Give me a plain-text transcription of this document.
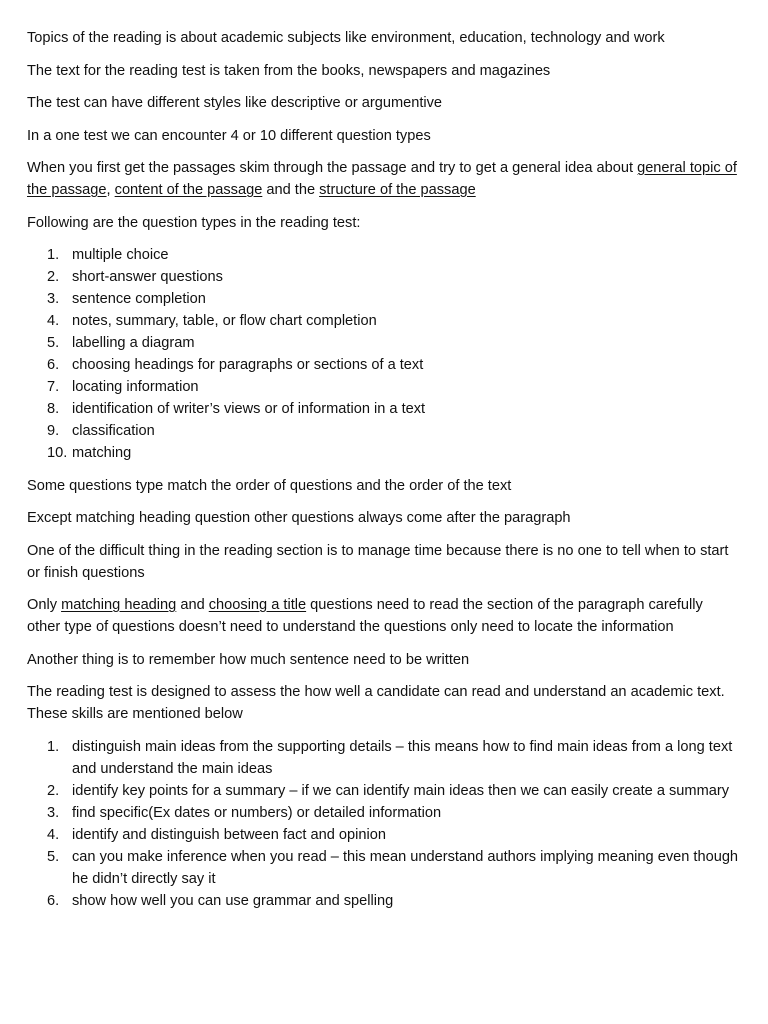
Topics of the reading is about academic subjects like environment, education, technology and work

The text for the reading test is taken from the books, newspapers and magazines

The test can have different styles like descriptive or argumentive

In a one test we can encounter 4 or 10 different question types

When you first get the passages skim through the passage and try to get a general idea about general topic of the passage, content of the passage and the structure of the passage

Following are the question types in the reading test:

1. multiple choice
2. short-answer questions
3. sentence completion
4. notes, summary, table, or flow chart completion
5. labelling a diagram
6. choosing headings for paragraphs or sections of a text
7. locating information
8. identification of writer’s views or of information in a text
9. classification
10. matching

Some questions type match the order of questions and the order of the text

Except matching heading question other questions always come after the paragraph

One of the difficult thing in the reading section is to manage time because there is no one to tell when to start or finish questions

Only matching heading and choosing a title questions need to read the section of the paragraph carefully other type of questions doesn’t need to understand the questions only need to locate the information

Another thing is to remember how much sentence need to be written

The reading test is designed to assess the how well a candidate can read and understand an academic text. These skills are mentioned below

1. distinguish main ideas from the supporting details – this means how to find main ideas from a long text and understand the main ideas
2. identify key points for a summary – if we can identify main ideas then we can easily create a summary
3. find specific(Ex dates or numbers) or detailed information
4. identify and distinguish between fact and opinion
5. can you make inference when you read – this mean understand authors implying meaning even though he didn’t directly say it
6. show how well you can use grammar and spelling
